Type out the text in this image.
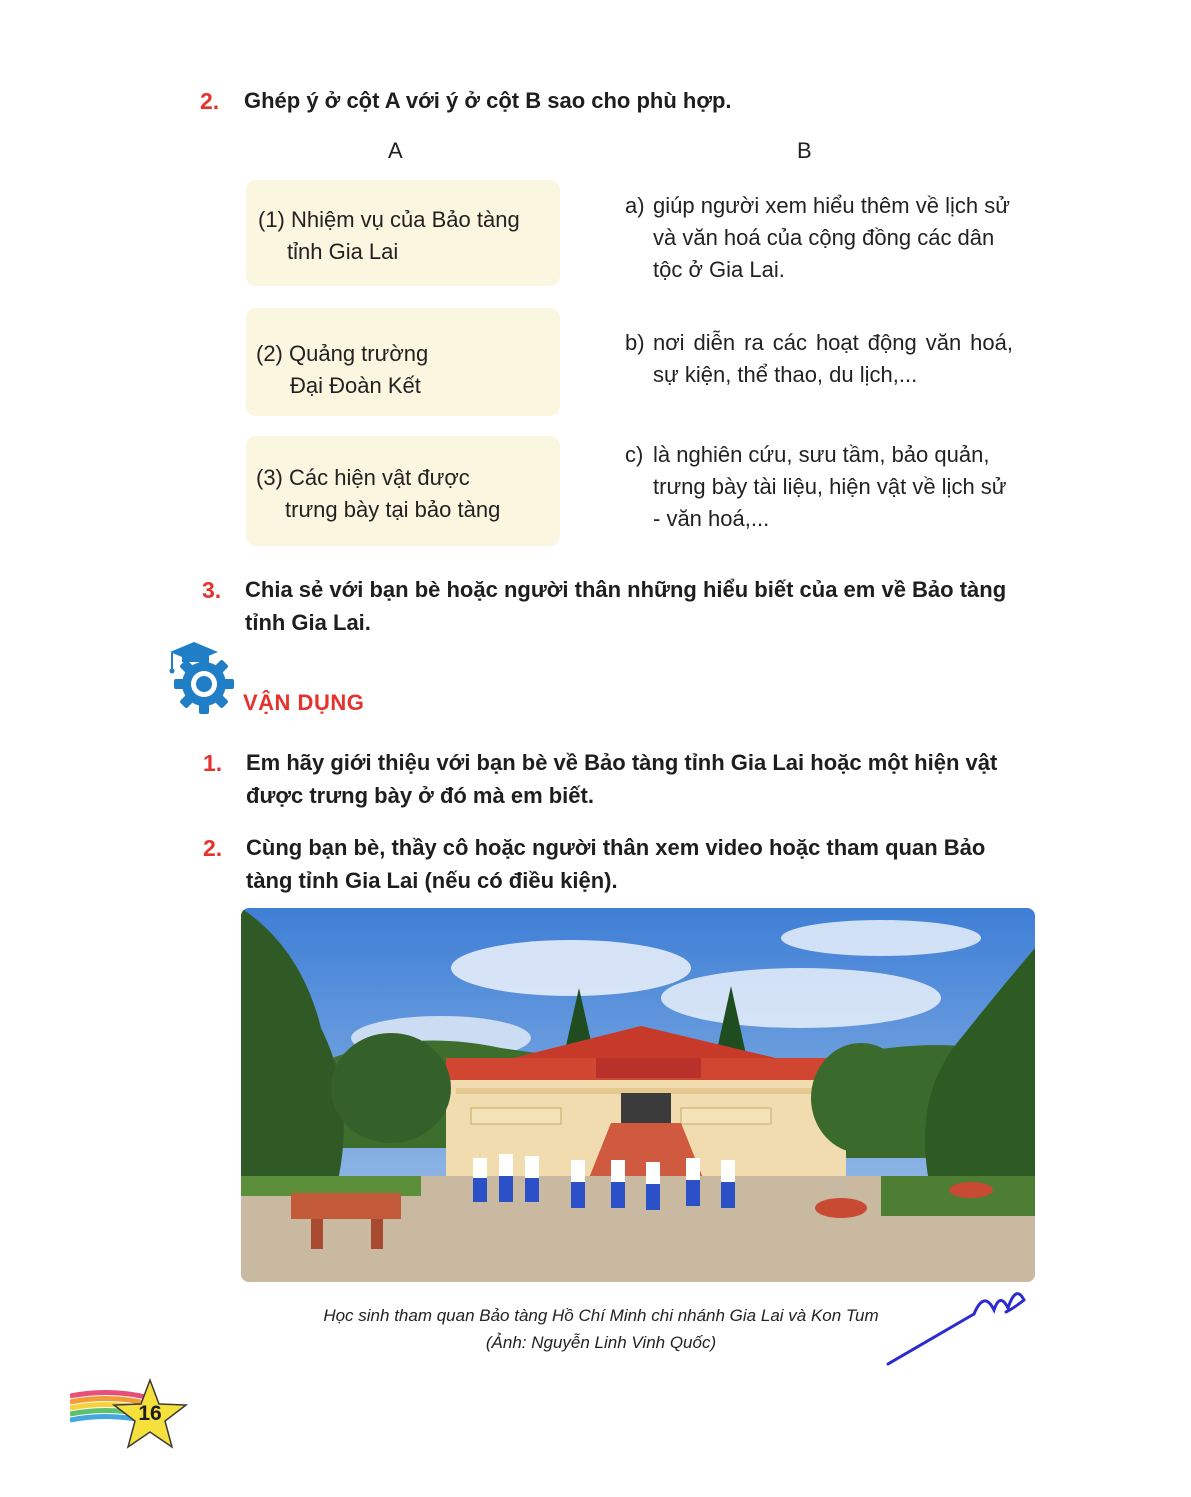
2. Ghép ý ở cột A với ý ở cột B sao cho phù hợp.
A	B
(1) Nhiệm vụ của Bảo tàng
tỉnh Gia Lai
(2) Quảng trường
Đại Đoàn Kết
(3) Các hiện vật được
trưng bày tại bảo tàng
a) giúp người xem hiểu thêm về lịch sử và văn hoá của cộng đồng các dân tộc ở Gia Lai.
b) nơi diễn ra các hoạt động văn hoá, sự kiện, thể thao, du lịch,...
c) là nghiên cứu, sưu tầm, bảo quản, trưng bày tài liệu, hiện vật về lịch sử - văn hoá,...
3. Chia sẻ với bạn bè hoặc người thân những hiểu biết của em về Bảo tàng tỉnh Gia Lai.
VẬN DỤNG
1. Em hãy giới thiệu với bạn bè về Bảo tàng tỉnh Gia Lai hoặc một hiện vật được trưng bày ở đó mà em biết.
2. Cùng bạn bè, thầy cô hoặc người thân xem video hoặc tham quan Bảo tàng tỉnh Gia Lai (nếu có điều kiện).
Học sinh tham quan Bảo tàng Hồ Chí Minh chi nhánh Gia Lai và Kon Tum
(Ảnh: Nguyễn Linh Vinh Quốc)
16
